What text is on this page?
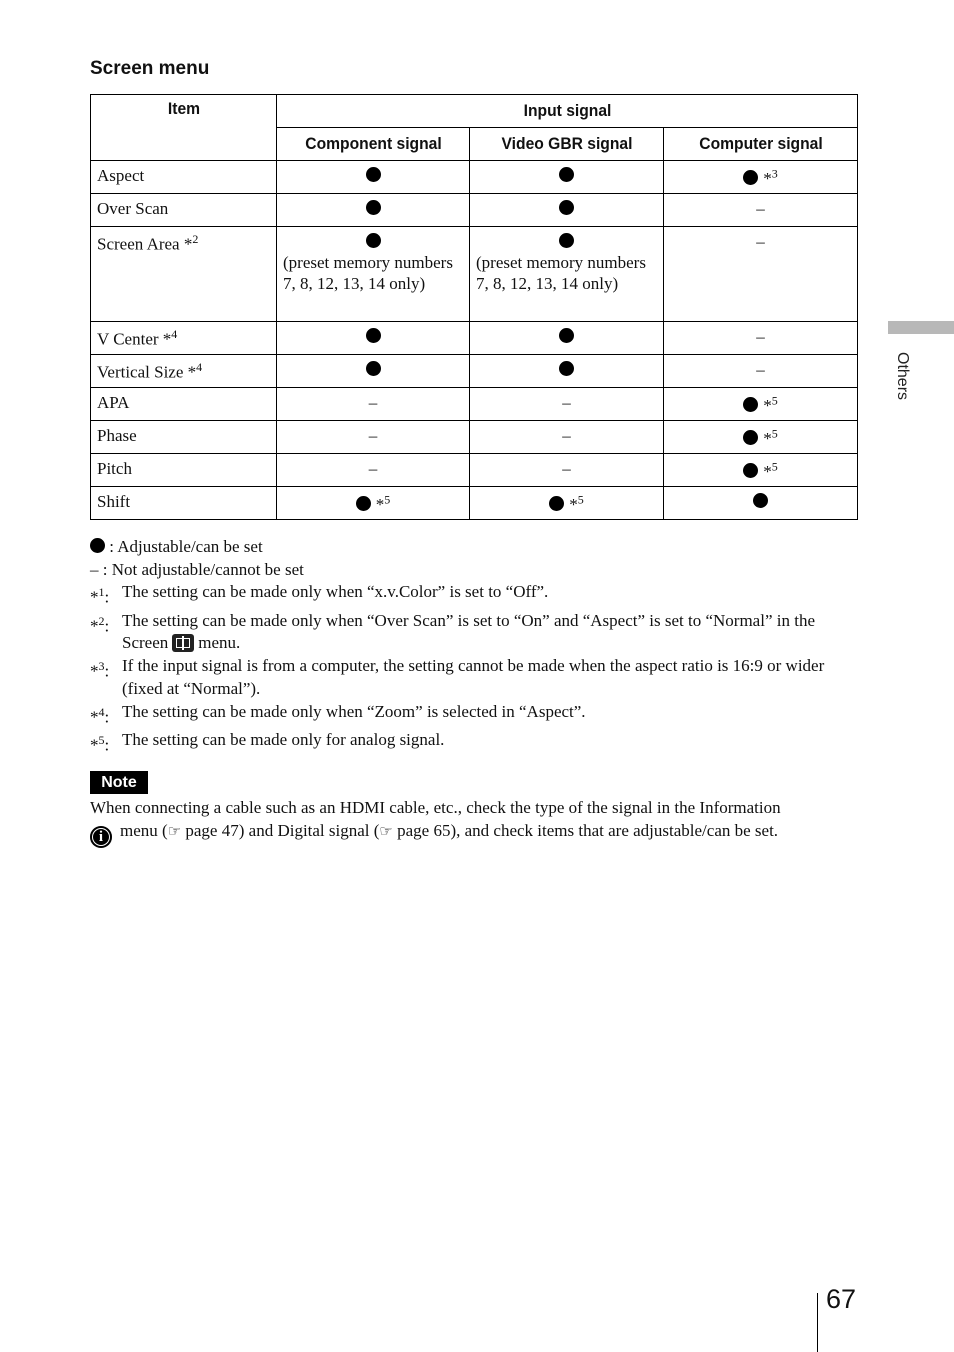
Screen menu
Item	Input signal		
	Component signal	Video GBR signal	Computer signal
Aspect			*$^3$
Over Scan			–
Screen Area *$^2$	(preset memory numbers 7, 8, 12, 13, 14 only)	(preset memory numbers 7, 8, 12, 13, 14 only)	–
V Center *$^4$			–
Vertical Size *$^4$			–
APA	–	–	*$^5$
Phase	–	–	*$^5$
Pitch	–	–	*$^5$
Shift	*$^5$	*$^5$	
: Adjustable/can be set
– : Not adjustable/cannot be set
*$^1$: The setting can be made only when “x.v.Color” is set to “Off”.
*$^2$: The setting can be made only when “Over Scan” is set to “On” and “Aspect” is set to “Normal” in the Screen menu.
*$^3$: If the input signal is from a computer, the setting cannot be made when the aspect ratio is 16:9 or wider (fixed at “Normal”).
*$^4$: The setting can be made only when “Zoom” is selected in “Aspect”.
*$^5$: The setting can be made only for analog signal.
Note
When connecting a cable such as an HDMI cable, etc., check the type of the signal in the Information
i menu (☞ page 47) and Digital signal (☞ page 65), and check items that are adjustable/can be set.
Others
67
